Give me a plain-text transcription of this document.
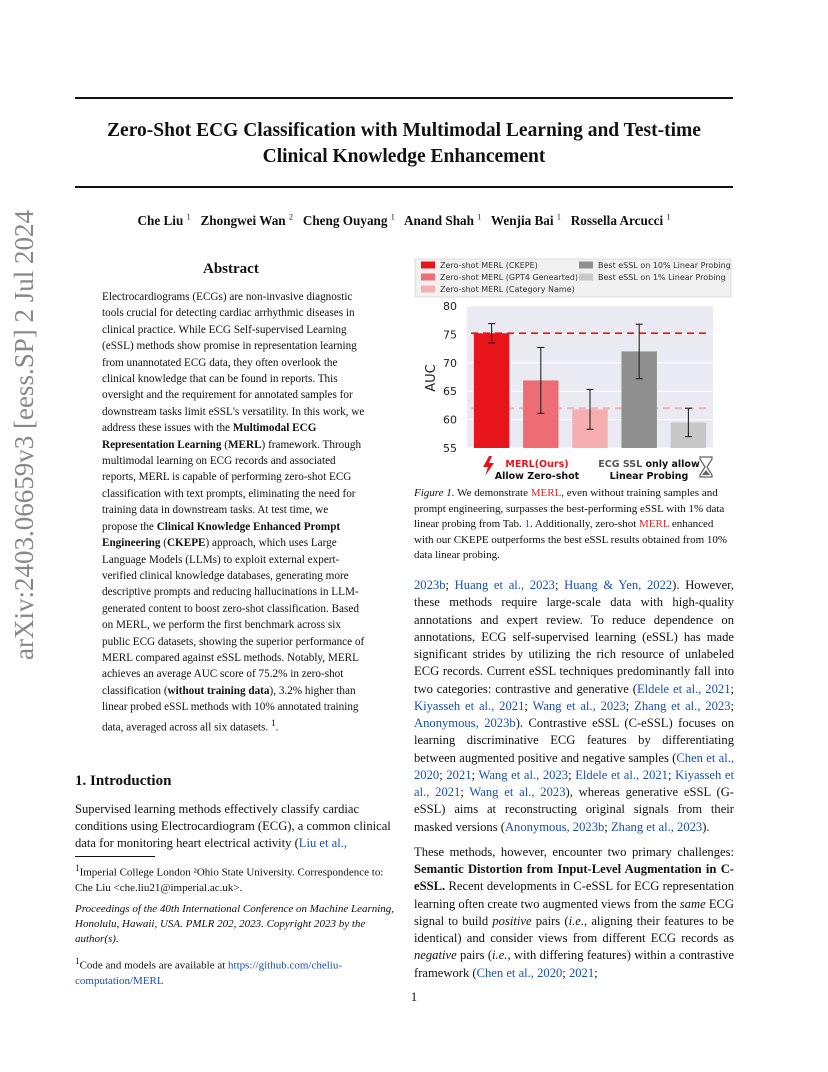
Zero-Shot ECG Classification with Multimodal Learning and Test-time Clinical Knowledge Enhancement
Che Liu $^1$ Zhongwei Wan $^2$ Cheng Ouyang $^1$ Anand Shah $^1$ Wenjia Bai $^1$ Rossella Arcucci $^1$
arXiv:2403.06659v3 [eess.SP] 2 Jul 2024	Abstract

Electrocardiograms (ECGs) are non-invasive diagnostic tools crucial for detecting cardiac arrhythmic diseases in clinical practice. While ECG Self-supervised Learning (eSSL) methods show promise in representation learning from unannotated ECG data, they often overlook the clinical knowledge that can be found in reports. This oversight and the requirement for annotated samples for downstream tasks limit eSSL's versatility. In this work, we address these issues with the Multimodal ECG Representation Learning (MERL) framework. Through multimodal learning on ECG records and associated reports, MERL is capable of performing zero-shot ECG classification with text prompts, eliminating the need for training data in downstream tasks. At test time, we propose the Clinical Knowledge Enhanced Prompt Engineering (CKEPE) approach, which uses Large Language Models (LLMs) to exploit external expert-verified clinical knowledge databases, generating more descriptive prompts and reducing hallucinations in LLM-generated content to boost zero-shot classification. Based on MERL, we perform the first benchmark across six public ECG datasets, showing the superior performance of MERL compared against eSSL methods. Notably, MERL achieves an average AUC score of 75.2% in zero-shot classification (without training data), 3.2% higher than linear probed eSSL methods with 10% annotated training data, averaged across all six datasets. $^1$.

1. Introduction

Supervised learning methods effectively classify cardiac conditions using Electrocardiogram (ECG), a common clinical data for monitoring heart electrical activity (Liu et al.,

$^1$Imperial College London ²Ohio State University. Correspondence to: Che Liu <che.liu21@imperial.ac.uk>.

Proceedings of the 40th International Conference on Machine Learning, Honolulu, Hawaii, USA. PMLR 202, 2023. Copyright 2023 by the author(s).

$^1$Code and models are available at https://github.com/cheliu-computation/MERL

Zero-shot MERL (CKEPE)
Zero-shot MERL (GPT4 Genearted)
Zero-shot MERL (Category Name)
Best eSSL on 10% Linear Probing
Best eSSL on 1% Linear Probing
55
60
65
70
75
80
AUC
MERL(Ours)
Allow Zero-shot
ECG SSL only allow
Linear Probing

Figure 1. We demonstrate MERL, even without training samples and prompt engineering, surpasses the best-performing eSSL with 1% data linear probing from Tab. 1. Additionally, zero-shot MERL enhanced with our CKEPE outperforms the best eSSL results obtained from 10% data linear probing.

2023b; Huang et al., 2023; Huang & Yen, 2022). However, these methods require large-scale data with high-quality annotations and expert review. To reduce dependence on annotations, ECG self-supervised learning (eSSL) has made significant strides by utilizing the rich resource of unlabeled ECG records. Current eSSL techniques predominantly fall into two categories: contrastive and generative (Eldele et al., 2021; Kiyasseh et al., 2021; Wang et al., 2023; Zhang et al., 2023; Anonymous, 2023b). Contrastive eSSL (C-eSSL) focuses on learning discriminative ECG features by differentiating between augmented positive and negative samples (Chen et al., 2020; 2021; Wang et al., 2023; Eldele et al., 2021; Kiyasseh et al., 2021; Wang et al., 2023), whereas generative eSSL (G-eSSL) aims at reconstructing original signals from their masked versions (Anonymous, 2023b; Zhang et al., 2023).

These methods, however, encounter two primary challenges: Semantic Distortion from Input-Level Augmentation in C-eSSL. Recent developments in C-eSSL for ECG representation learning often create two augmented views from the same ECG signal to build positive pairs (i.e., aligning their features to be identical) and consider views from different ECG records as negative pairs (i.e., with differing features) within a contrastive framework (Chen et al., 2020; 2021;

1
